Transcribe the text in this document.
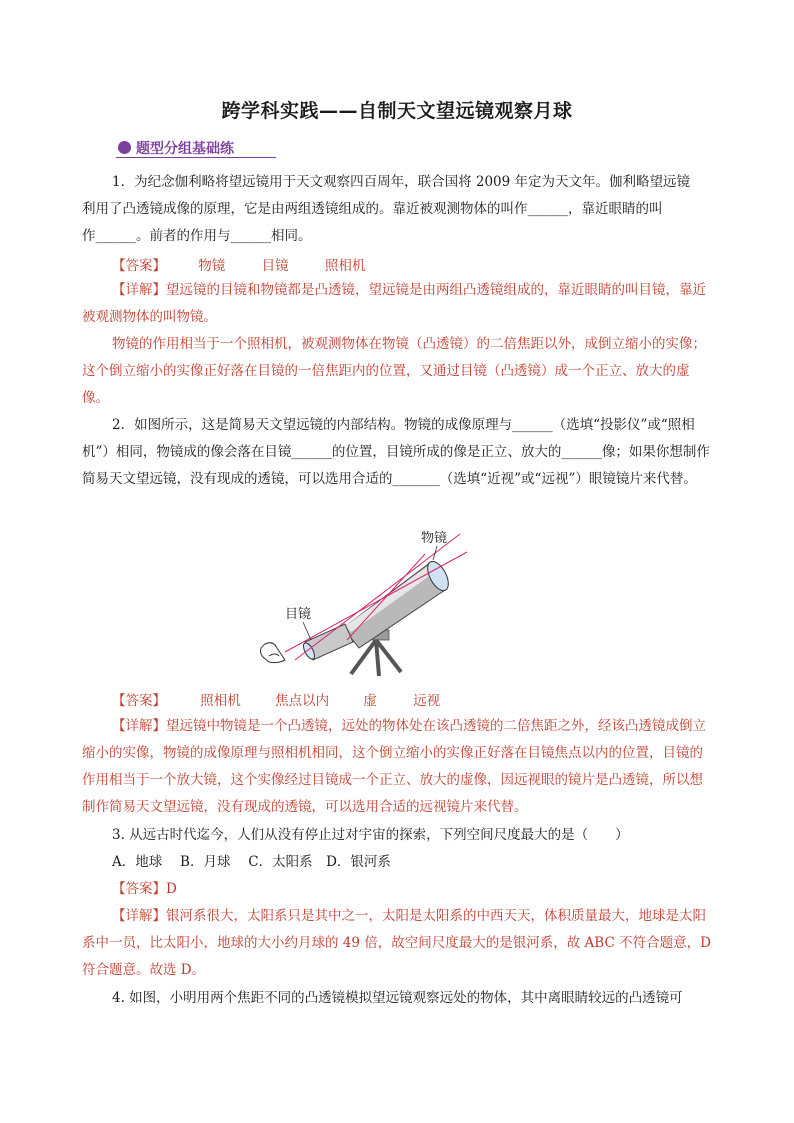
跨学科实践——自制天文望远镜观察月球
题型分组基础练
1．为纪念伽利略将望远镜用于天文观察四百周年，联合国将 2009 年定为天文年。伽利略望远镜
利用了凸透镜成像的原理，它是由两组透镜组成的。靠近被观测物体的叫作______，靠近眼睛的叫
作______。前者的作用与______相同。
【答案】 物镜	目镜	照相机

【详解】望远镜的目镜和物镜都是凸透镜，望远镜是由两组凸透镜组成的，靠近眼睛的叫目镜，靠近被观测物体的叫物镜。

物镜的作用相当于一个照相机，被观测物体在物镜（凸透镜）的二倍焦距以外，成倒立缩小的实像；这个倒立缩小的实像正好落在目镜的一倍焦距内的位置，又通过目镜（凸透镜）成一个正立、放大的虚像。

2．如图所示，这是简易天文望远镜的内部结构。物镜的成像原理与______（选填“投影仪”或“照相机”）相同，物镜成的像会落在目镜______的位置，目镜所成的像是正立、放大的______像；如果你想制作简易天文望远镜，没有现成的透镜，可以选用合适的_______（选填“近视”或“远视”）眼镜镜片来代替。

物镜
目镜
【答案】	照相机	焦点以内	虚	远视

【详解】望远镜中物镜是一个凸透镜，远处的物体处在该凸透镜的二倍焦距之外，经该凸透镜成倒立缩小的实像，物镜的成像原理与照相机相同，这个倒立缩小的实像正好落在目镜焦点以内的位置，目镜的作用相当于一个放大镜，这个实像经过目镜成一个正立、放大的虚像，因远视眼的镜片是凸透镜，所以想制作简易天文望远镜，没有现成的透镜，可以选用合适的远视镜片来代替。

3. 从远古时代迄今，人们从没有停止过对宇宙的探索，下列空间尺度最大的是（　　）
A．地球　 B．月球　 C．太阳系　D．银河系
【答案】D

【详解】银河系很大，太阳系只是其中之一，太阳是太阳系的中西天天，体积质量最大，地球是太阳系中一员，比太阳小，地球的大小约月球的 49 倍，故空间尺度最大的是银河系，故 ABC 不符合题意，D 符合题意。故选 D。

4. 如图，小明用两个焦距不同的凸透镜模拟望远镜观察远处的物体，其中离眼睛较远的凸透镜可
